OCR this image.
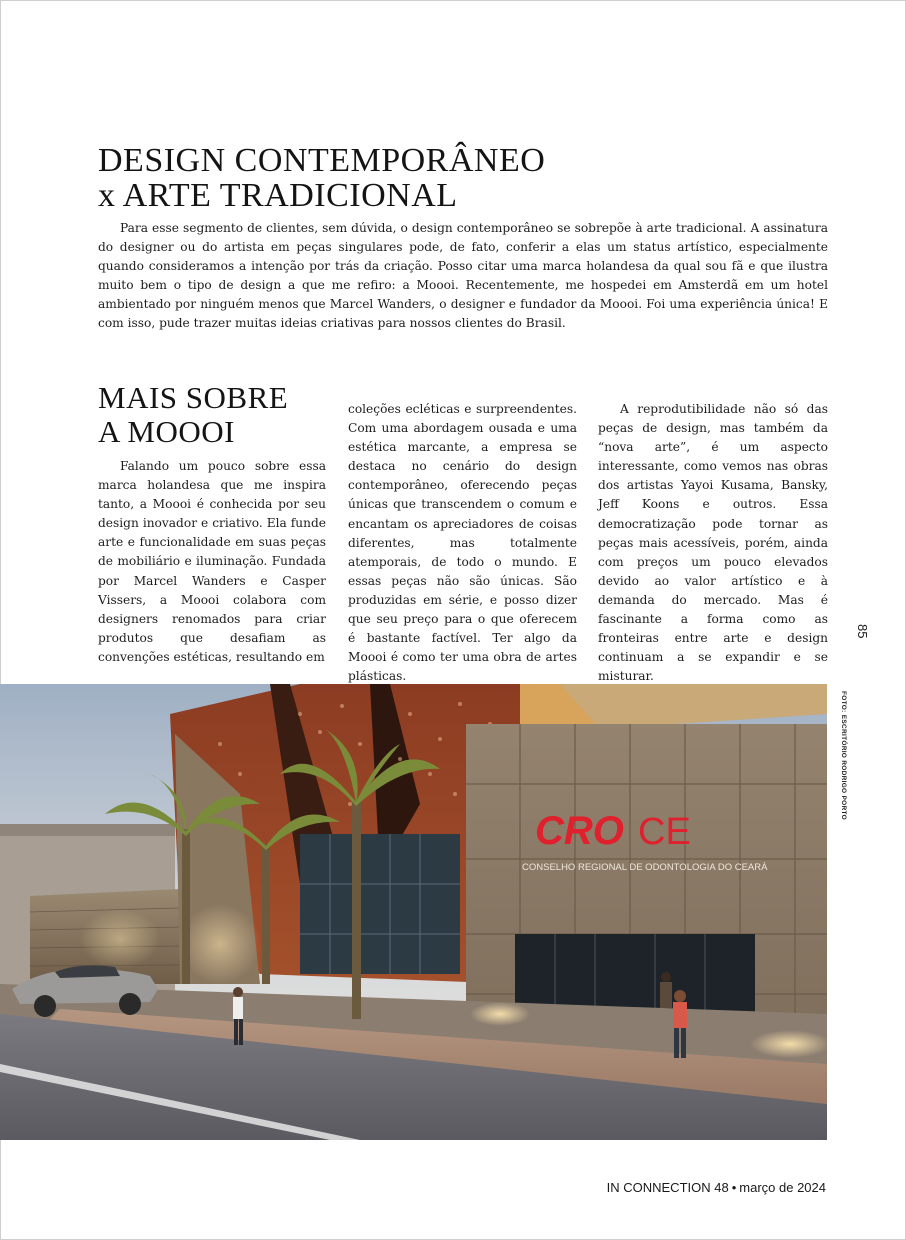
DESIGN CONTEMPORÂNEO
x ARTE TRADICIONAL

Para esse segmento de clientes, sem dúvida, o design contemporâneo se sobrepõe à arte tradicional. A assinatura do designer ou do artista em peças singulares pode, de fato, conferir a elas um status artístico, especialmente quando consideramos a intenção por trás da criação. Posso citar uma marca holandesa da qual sou fã e que ilustra muito bem o tipo de design a que me refiro: a Moooi. Recentemente, me hospedei em Amsterdã em um hotel ambientado por ninguém menos que Marcel Wanders, o designer e fundador da Moooi. Foi uma experiência única! E com isso, pude trazer muitas ideias criativas para nossos clientes do Brasil.

MAIS SOBRE
A MOOOI

Falando um pouco sobre essa marca holandesa que me inspira tanto, a Moooi é conhecida por seu design inovador e criativo. Ela funde arte e funcionalidade em suas peças de mobiliário e iluminação. Fundada por Marcel Wanders e Casper Vissers, a Moooi colabora com designers renomados para criar produtos que desafiam as convenções estéticas, resultando em

coleções ecléticas e surpreendentes. Com uma abordagem ousada e uma estética marcante, a empresa se destaca no cenário do design contemporâneo, oferecendo peças únicas que transcendem o comum e encantam os apreciadores de coisas diferentes, mas totalmente atemporais, de todo o mundo. E essas peças não são únicas. São produzidas em série, e posso dizer que seu preço para o que oferecem é bastante factível. Ter algo da Moooi é como ter uma obra de artes plásticas.

A reprodutibilidade não só das peças de design, mas também da “nova arte”, é um aspecto interessante, como vemos nas obras dos artistas Yayoi Kusama, Bansky, Jeff Koons e outros. Essa democratização pode tornar as peças mais acessíveis, porém, ainda com preços um pouco elevados devido ao valor artístico e à demanda do mercado. Mas é fascinante a forma como as fronteiras entre arte e design continuam a se expandir e se misturar.

85
FOTO: ESCRITÓRIO RODRIGO PORTO
CRO CE
CONSELHO REGIONAL DE ODONTOLOGIA DO CEARÁ
IN CONNECTION 48 • março de 2024
